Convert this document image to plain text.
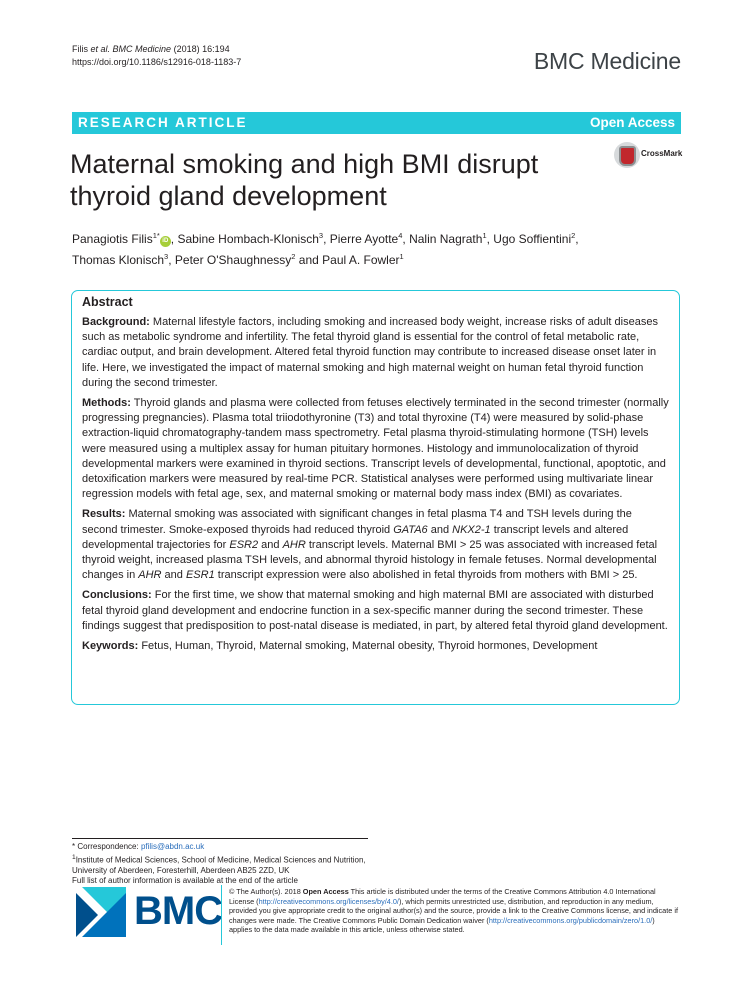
Filis et al. BMC Medicine (2018) 16:194
https://doi.org/10.1186/s12916-018-1183-7	BMC Medicine
RESEARCH ARTICLE	Open Access
Maternal smoking and high BMI disrupt thyroid gland development
CrossMark
Panagiotis Filis$^{1*}$iD , Sabine Hombach-Klonisch$^3$, Pierre Ayotte$^4$, Nalin Nagrath$^1$, Ugo Soffientini$^2$,
Thomas Klonisch$^3$, Peter O'Shaughnessy$^2$ and Paul A. Fowler$^1$
Abstract

Background: Maternal lifestyle factors, including smoking and increased body weight, increase risks of adult diseases such as metabolic syndrome and infertility. The fetal thyroid gland is essential for the control of fetal metabolic rate, cardiac output, and brain development. Altered fetal thyroid function may contribute to increased disease onset later in life. Here, we investigated the impact of maternal smoking and high maternal weight on human fetal thyroid function during the second trimester.

Methods: Thyroid glands and plasma were collected from fetuses electively terminated in the second trimester (normally progressing pregnancies). Plasma total triiodothyronine (T3) and total thyroxine (T4) were measured by solid-phase extraction-liquid chromatography-tandem mass spectrometry. Fetal plasma thyroid-stimulating hormone (TSH) levels were measured using a multiplex assay for human pituitary hormones. Histology and immunolocalization of thyroid developmental markers were examined in thyroid sections. Transcript levels of developmental, functional, apoptotic, and detoxification markers were measured by real-time PCR. Statistical analyses were performed using multivariate linear regression models with fetal age, sex, and maternal smoking or maternal body mass index (BMI) as covariates.

Results: Maternal smoking was associated with significant changes in fetal plasma T4 and TSH levels during the second trimester. Smoke-exposed thyroids had reduced thyroid GATA6 and NKX2-1 transcript levels and altered developmental trajectories for ESR2 and AHR transcript levels. Maternal BMI > 25 was associated with increased fetal thyroid weight, increased plasma TSH levels, and abnormal thyroid histology in female fetuses. Normal developmental changes in AHR and ESR1 transcript expression were also abolished in fetal thyroids from mothers with BMI > 25.

Conclusions: For the first time, we show that maternal smoking and high maternal BMI are associated with disturbed fetal thyroid gland development and endocrine function in a sex-specific manner during the second trimester. These findings suggest that predisposition to post-natal disease is mediated, in part, by altered fetal thyroid gland development.

Keywords: Fetus, Human, Thyroid, Maternal smoking, Maternal obesity, Thyroid hormones, Development

* Correspondence: pfilis@abdn.ac.uk
$^1$Institute of Medical Sciences, School of Medicine, Medical Sciences and Nutrition, University of Aberdeen, Foresterhill, Aberdeen AB25 2ZD, UK
Full list of author information is available at the end of the article
BMC © The Author(s). 2018 Open Access This article is distributed under the terms of the Creative Commons Attribution 4.0 International License (http://creativecommons.org/licenses/by/4.0/), which permits unrestricted use, distribution, and reproduction in any medium, provided you give appropriate credit to the original author(s) and the source, provide a link to the Creative Commons license, and indicate if changes were made. The Creative Commons Public Domain Dedication waiver (http://creativecommons.org/publicdomain/zero/1.0/) applies to the data made available in this article, unless otherwise stated.
